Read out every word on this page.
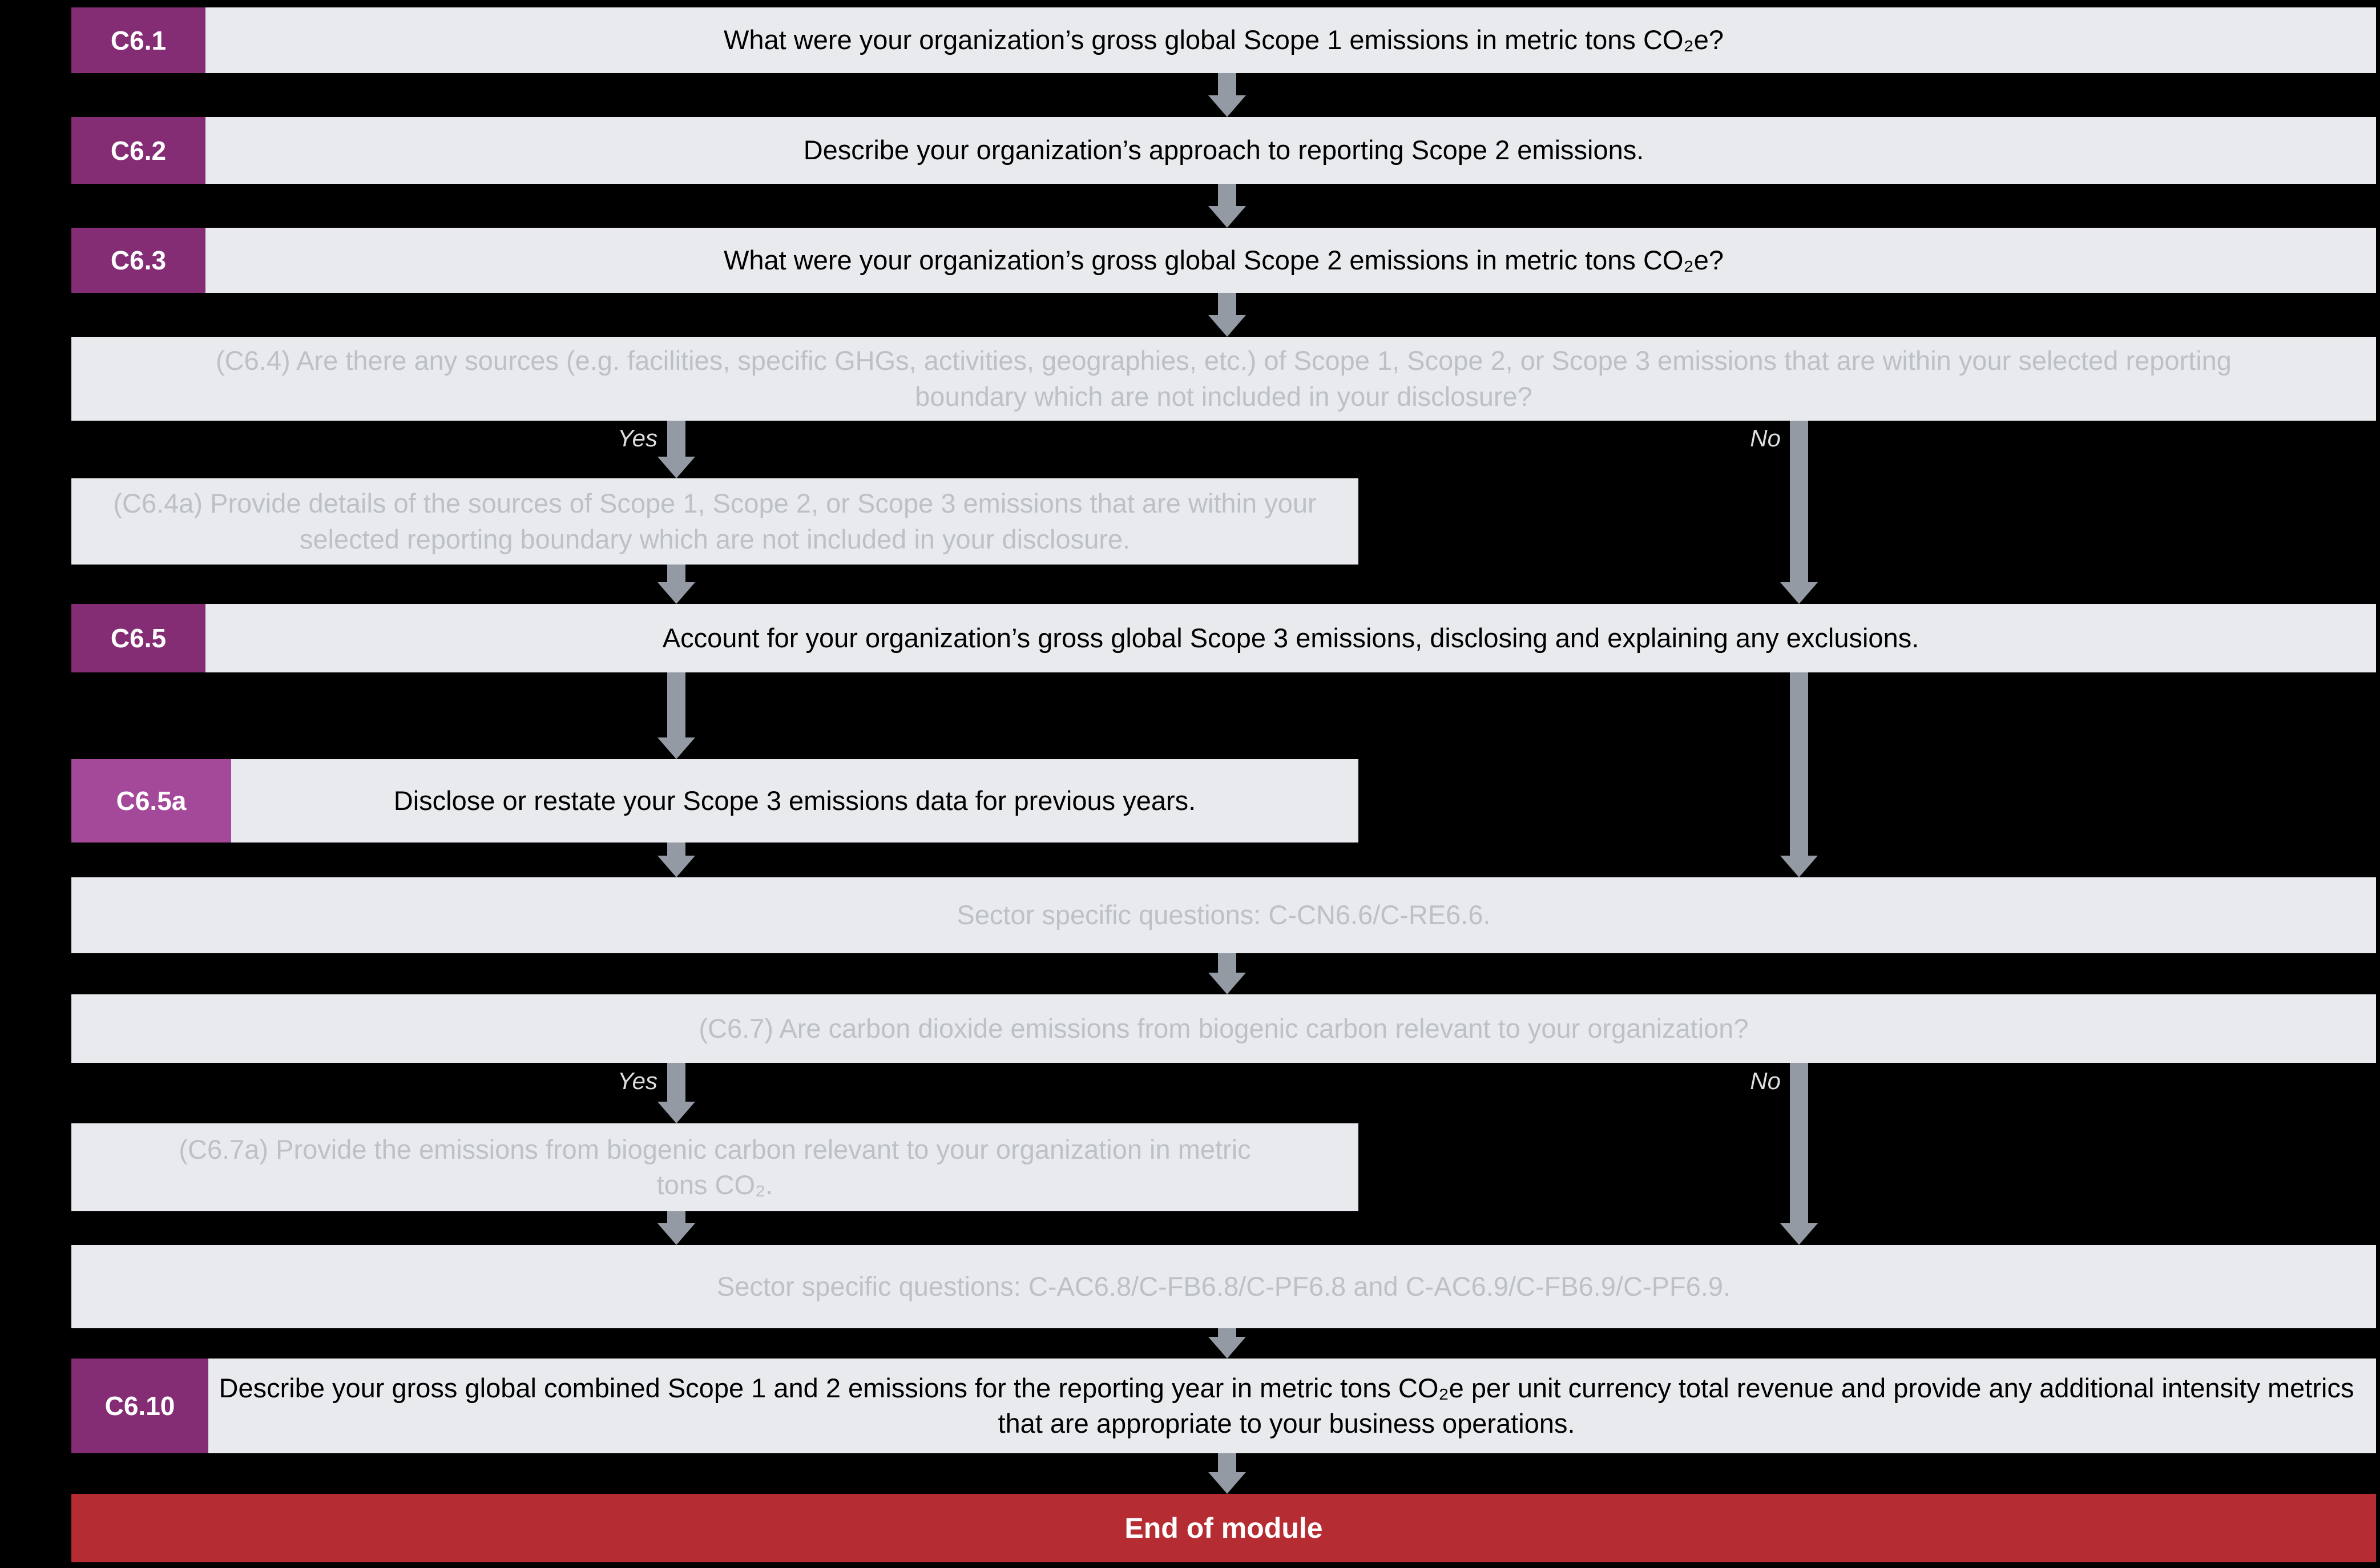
C6.1	What were your organization’s gross global Scope 1 emissions in metric tons CO₂e?
C6.2	Describe your organization’s approach to reporting Scope 2 emissions.
C6.3	What were your organization’s gross global Scope 2 emissions in metric tons CO₂e?
(C6.4) Are there any sources (e.g. facilities, specific GHGs, activities, geographies, etc.) of Scope 1, Scope 2, or Scope 3 emissions that are within your selected reporting boundary which are not included in your disclosure?
Yes	No
(C6.4a) Provide details of the sources of Scope 1, Scope 2, or Scope 3 emissions that are within your selected reporting boundary which are not included in your disclosure.
C6.5	Account for your organization’s gross global Scope 3 emissions, disclosing and explaining any exclusions.
C6.5a	Disclose or restate your Scope 3 emissions data for previous years.
Sector specific questions: C-CN6.6/C-RE6.6.
(C6.7) Are carbon dioxide emissions from biogenic carbon relevant to your organization?
Yes	No
(C6.7a) Provide the emissions from biogenic carbon relevant to your organization in metric tons CO₂.
Sector specific questions: C-AC6.8/C-FB6.8/C-PF6.8 and C-AC6.9/C-FB6.9/C-PF6.9.
C6.10
Describe your gross global combined Scope 1 and 2 emissions for the reporting year in metric tons CO₂e per unit currency total revenue and provide any additional intensity metrics that are appropriate to your business operations.
End of module
